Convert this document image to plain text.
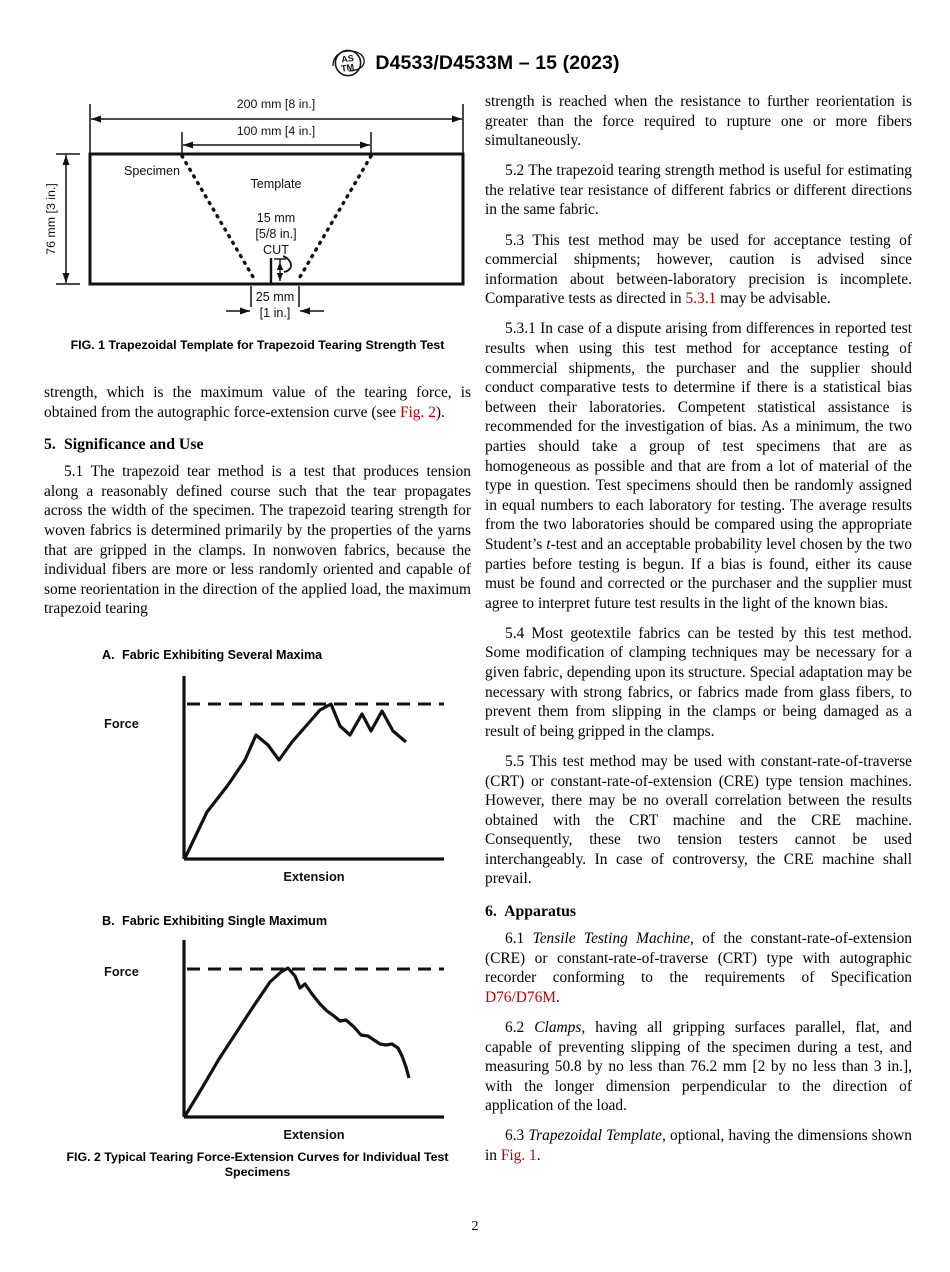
AS
TM D4533/D4533M – 15 (2023)
200 mm [8 in.]
100 mm [4 in.]
76 mm [3 in.]
Specimen
Template
15 mm
[5/8 in.]
CUT
25 mm
[1 in.]
FIG. 1 Trapezoidal Template for Trapezoid Tearing Strength Test

strength, which is the maximum value of the tearing force, is obtained from the autographic force-extension curve (see Fig. 2).

5. Significance and Use

5.1 The trapezoid tear method is a test that produces tension along a reasonably defined course such that the tear propagates across the width of the specimen. The trapezoid tearing strength for woven fabrics is determined primarily by the properties of the yarns that are gripped in the clamps. In nonwoven fabrics, because the individual fibers are more or less randomly oriented and capable of some reorientation in the direction of the applied load, the maximum trapezoid tearing

A. Fabric Exhibiting Several Maxima
Force
Extension
B. Fabric Exhibiting Single Maximum
Force
Extension
FIG. 2 Typical Tearing Force-Extension Curves for Individual Test
Specimens

strength is reached when the resistance to further reorientation is greater than the force required to rupture one or more fibers simultaneously.

5.2 The trapezoid tearing strength method is useful for estimating the relative tear resistance of different fabrics or different directions in the same fabric.

5.3 This test method may be used for acceptance testing of commercial shipments; however, caution is advised since information about between-laboratory precision is incomplete. Comparative tests as directed in 5.3.1 may be advisable.

5.3.1 In case of a dispute arising from differences in reported test results when using this test method for acceptance testing of commercial shipments, the purchaser and the supplier should conduct comparative tests to determine if there is a statistical bias between their laboratories. Competent statistical assistance is recommended for the investigation of bias. As a minimum, the two parties should take a group of test specimens that are as homogeneous as possible and that are from a lot of material of the type in question. Test specimens should then be randomly assigned in equal numbers to each laboratory for testing. The average results from the two laboratories should be compared using the appropriate Student’s t-test and an acceptable probability level chosen by the two parties before testing is begun. If a bias is found, either its cause must be found and corrected or the purchaser and the supplier must agree to interpret future test results in the light of the known bias.

5.4 Most geotextile fabrics can be tested by this test method. Some modification of clamping techniques may be necessary for a given fabric, depending upon its structure. Special adaptation may be necessary with strong fabrics, or fabrics made from glass fibers, to prevent them from slipping in the clamps or being damaged as a result of being gripped in the clamps.

5.5 This test method may be used with constant-rate-of-traverse (CRT) or constant-rate-of-extension (CRE) type tension machines. However, there may be no overall correlation between the results obtained with the CRT machine and the CRE machine. Consequently, these two tension testers cannot be used interchangeably. In case of controversy, the CRE machine shall prevail.

6. Apparatus

6.1 Tensile Testing Machine, of the constant-rate-of-extension (CRE) or constant-rate-of-traverse (CRT) type with autographic recorder conforming to the requirements of Specification D76/D76M.

6.2 Clamps, having all gripping surfaces parallel, flat, and capable of preventing slipping of the specimen during a test, and measuring 50.8 by no less than 76.2 mm [2 by no less than 3 in.], with the longer dimension perpendicular to the direction of application of the load.

6.3 Trapezoidal Template, optional, having the dimensions shown in Fig. 1.

2
